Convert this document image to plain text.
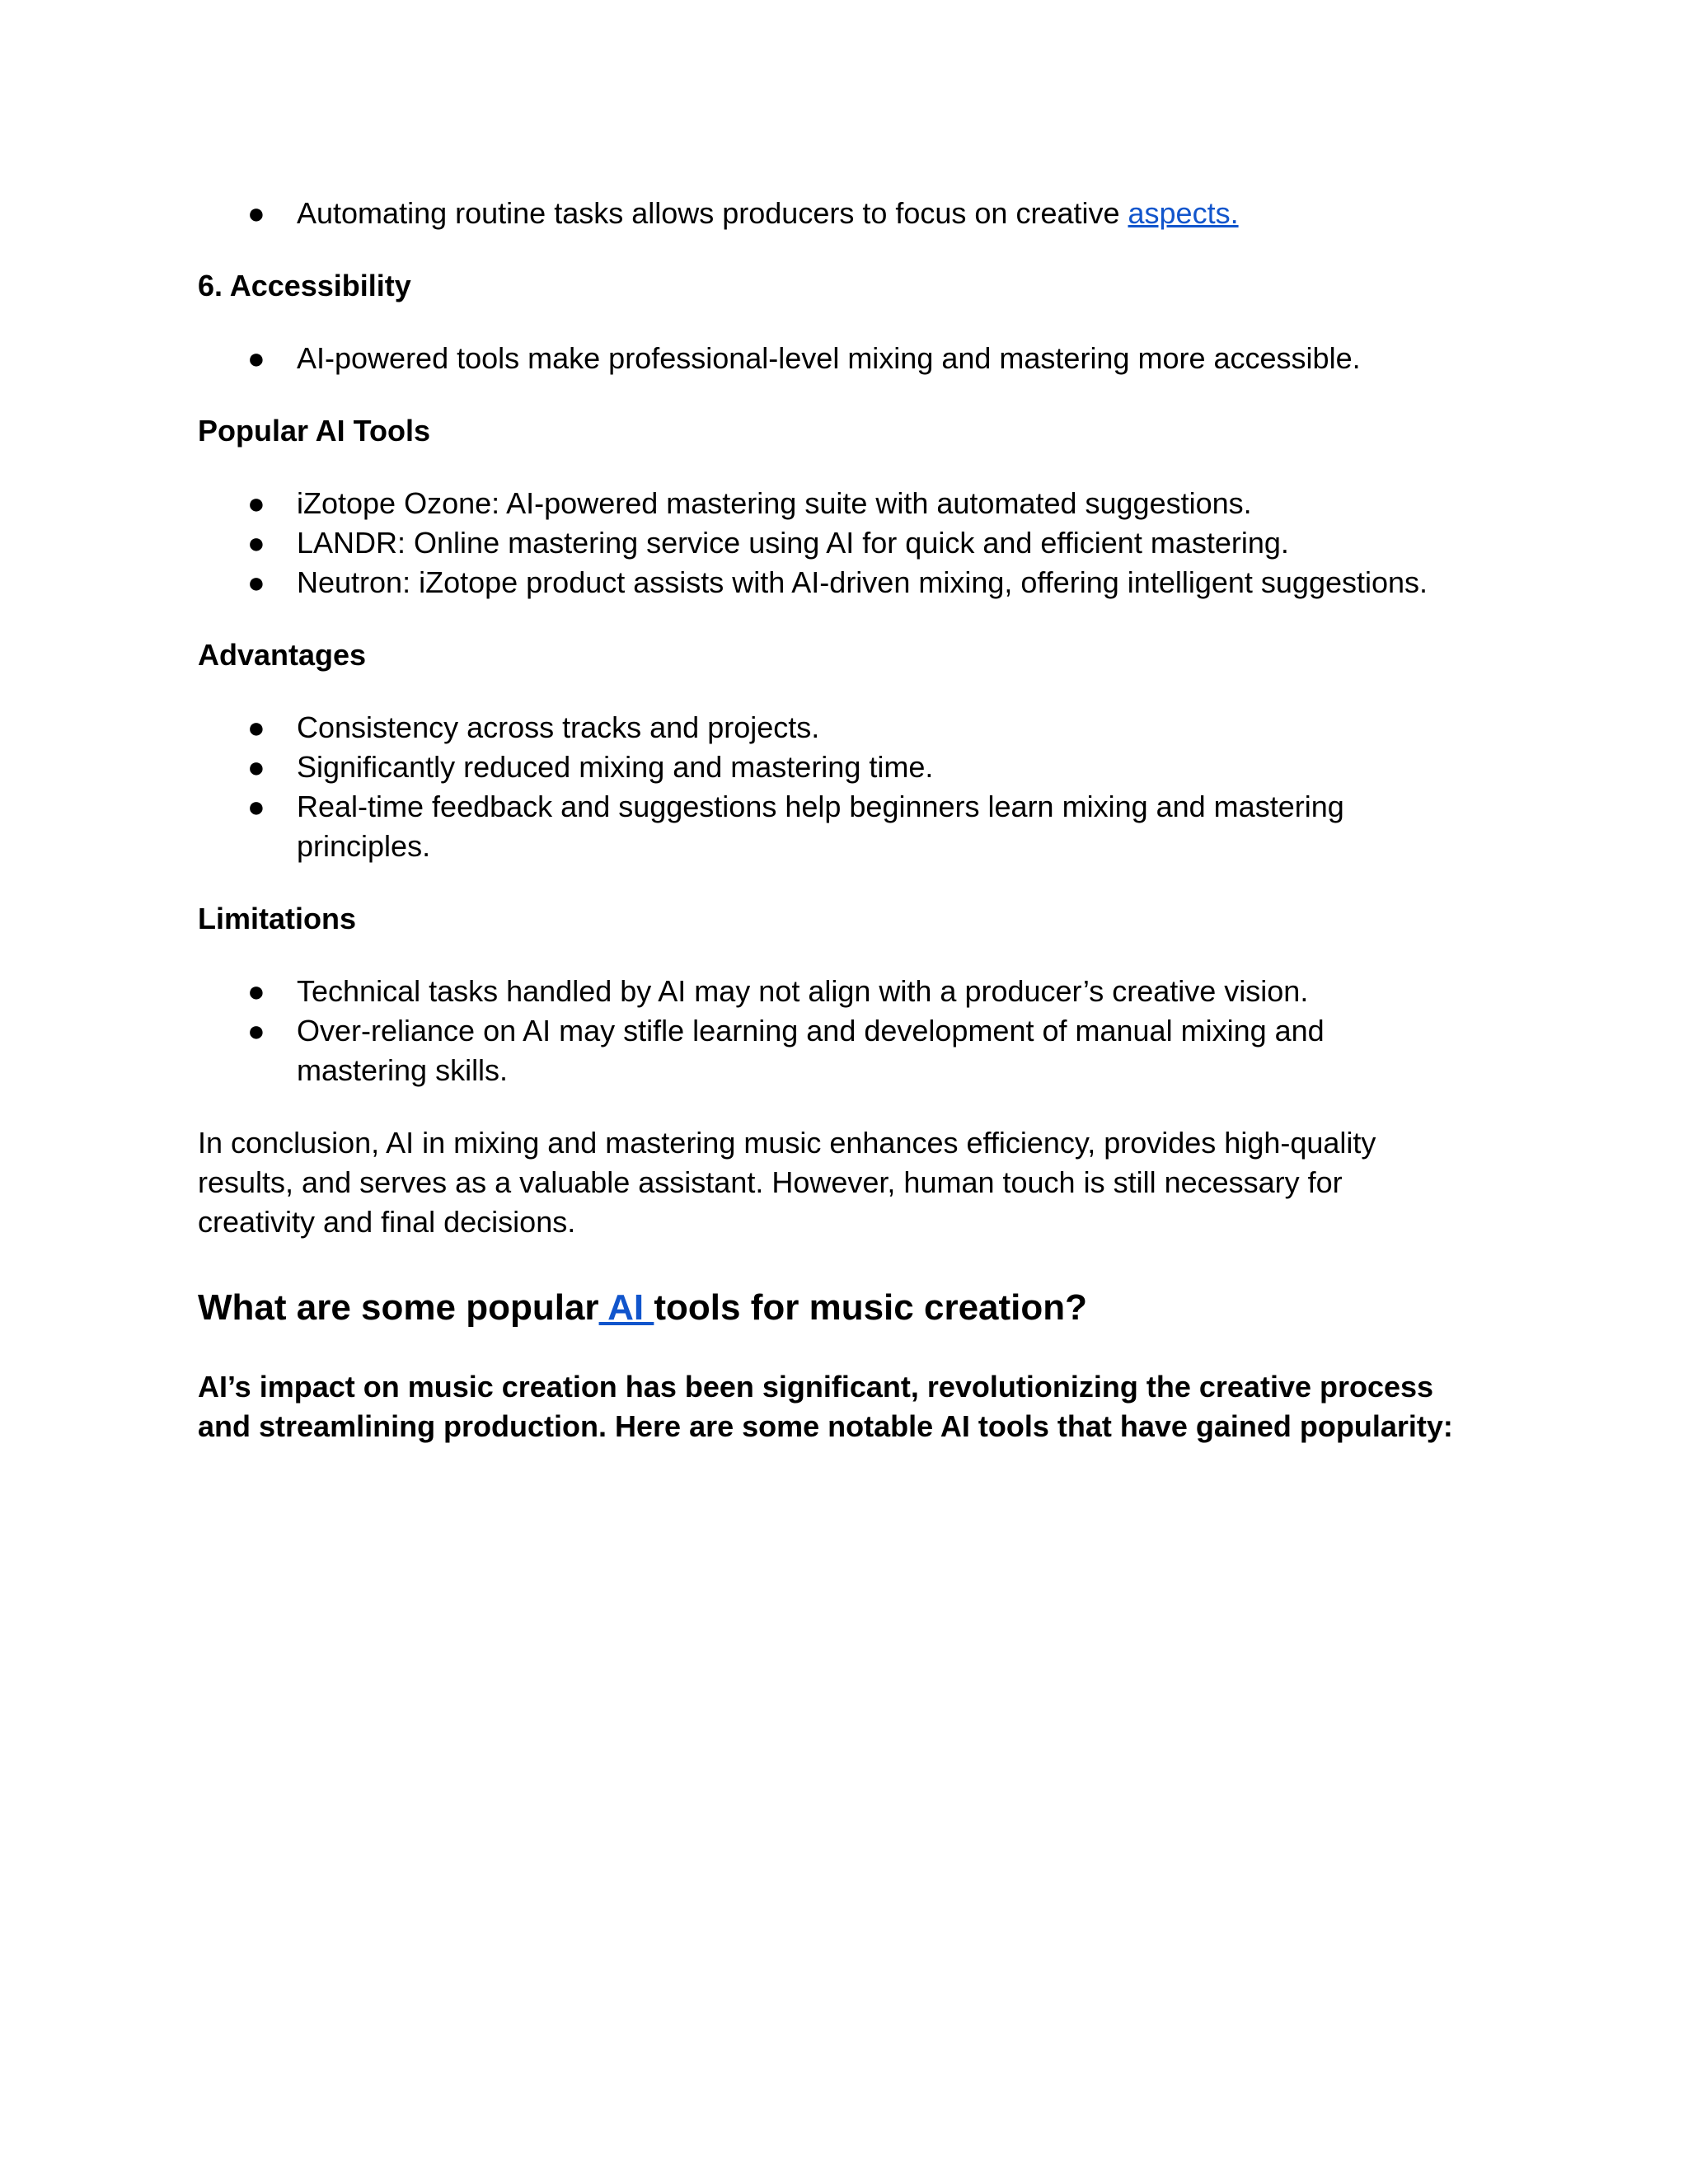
● Automating routine tasks allows producers to focus on creative aspects.
6. Accessibility
● AI-powered tools make professional-level mixing and mastering more accessible.
Popular AI Tools
● iZotope Ozone: AI-powered mastering suite with automated suggestions.
● LANDR: Online mastering service using AI for quick and efficient mastering.
● Neutron: iZotope product assists with AI-driven mixing, offering intelligent suggestions.
Advantages
● Consistency across tracks and projects.
● Significantly reduced mixing and mastering time.
● Real-time feedback and suggestions help beginners learn mixing and mastering
principles.
Limitations
● Technical tasks handled by AI may not align with a producer’s creative vision.
● Over-reliance on AI may stifle learning and development of manual mixing and
mastering skills.
In conclusion, AI in mixing and mastering music enhances efficiency, provides high-quality
results, and serves as a valuable assistant. However, human touch is still necessary for
creativity and final decisions.
What are some popular AI tools for music creation?
AI’s impact on music creation has been significant, revolutionizing the creative process
and streamlining production. Here are some notable AI tools that have gained popularity:
